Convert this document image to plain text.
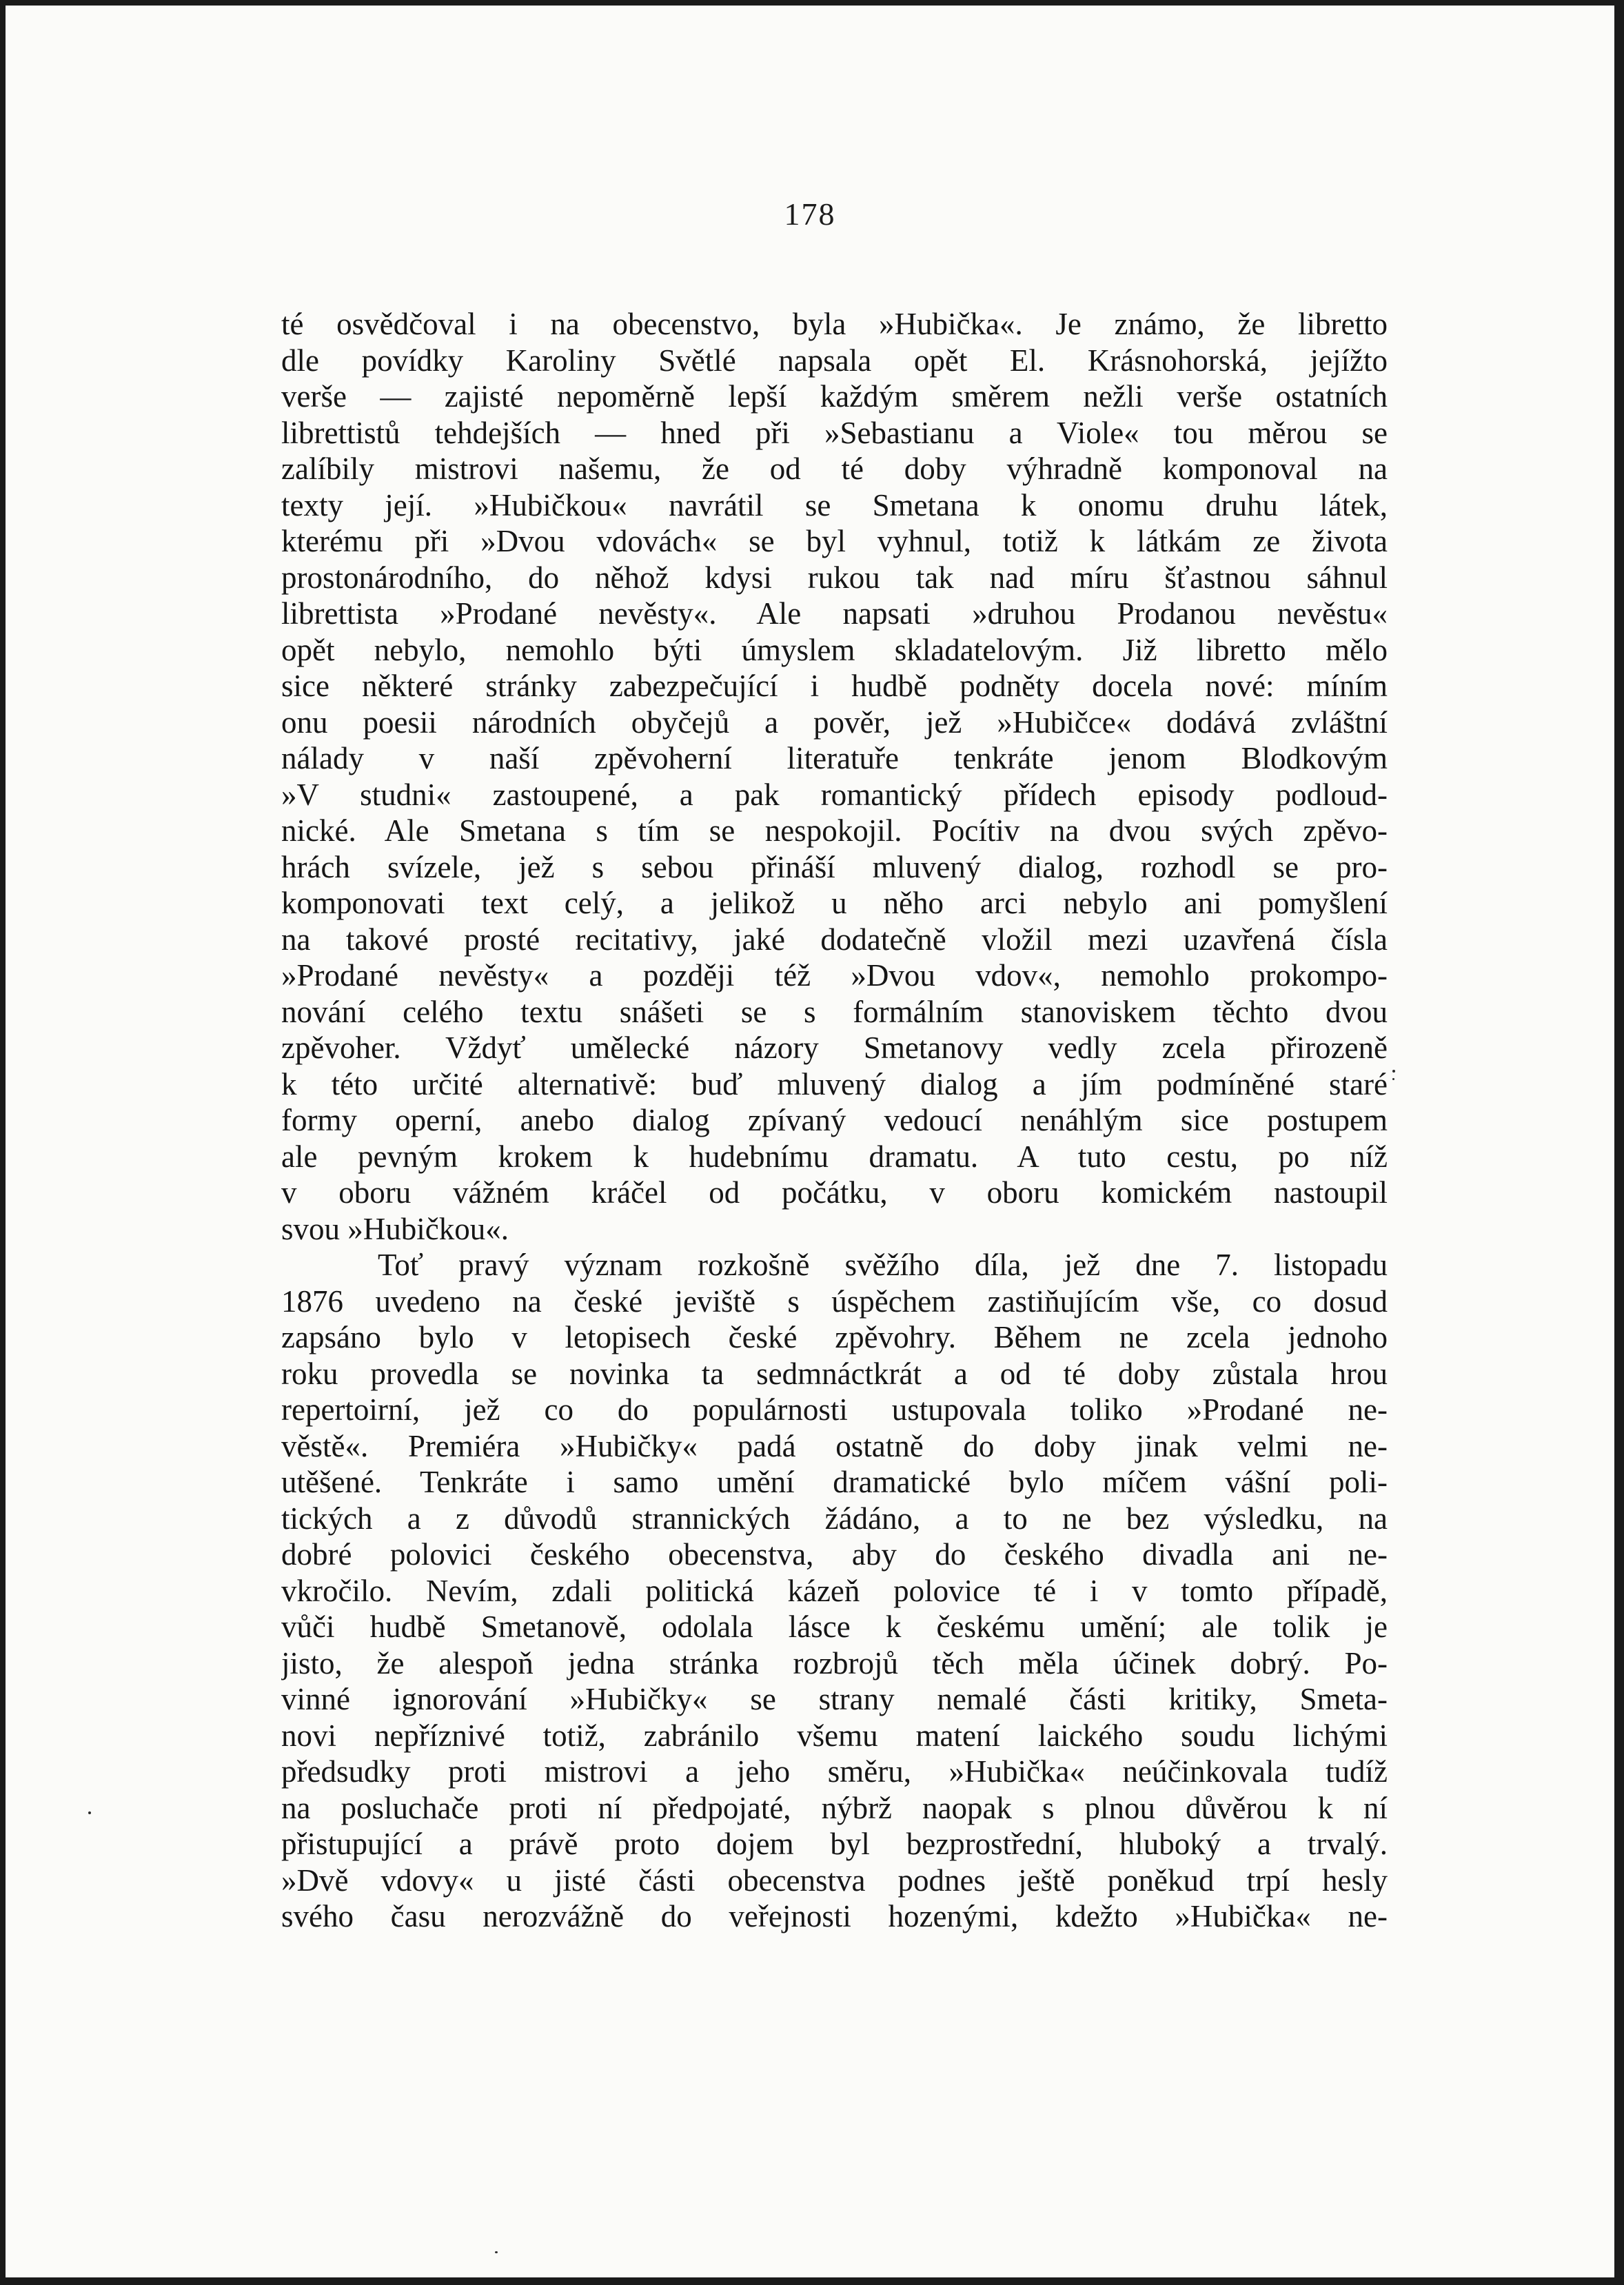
178
té osvědčoval i na obecenstvo, byla »Hubička«. Je známo, že libretto
dle povídky Karoliny Světlé napsala opět El. Krásnohorská, jejížto
verše — zajisté nepoměrně lepší každým směrem nežli verše ostatních
librettistů tehdejších — hned při »Sebastianu a Viole« tou měrou se
zalíbily mistrovi našemu, že od té doby výhradně komponoval na
texty její. »Hubičkou« navrátil se Smetana k onomu druhu látek,
kterému při »Dvou vdovách« se byl vyhnul, totiž k látkám ze života
prostonárodního, do něhož kdysi rukou tak nad míru šťastnou sáhnul
librettista »Prodané nevěsty«. Ale napsati »druhou Prodanou nevěstu«
opět nebylo, nemohlo býti úmyslem skladatelovým. Již libretto mělo
sice některé stránky zabezpečující i hudbě podněty docela nové: míním
onu poesii národních obyčejů a pověr, jež »Hubičce« dodává zvláštní
nálady v naší zpěvoherní literatuře tenkráte jenom Blodkovým
»V studni« zastoupené, a pak romantický přídech episody podloud-
nické. Ale Smetana s tím se nespokojil. Pocítiv na dvou svých zpěvo-
hrách svízele, jež s sebou přináší mluvený dialog, rozhodl se pro-
komponovati text celý, a jelikož u něho arci nebylo ani pomyšlení
na takové prosté recitativy, jaké dodatečně vložil mezi uzavřená čísla
»Prodané nevěsty« a později též »Dvou vdov«, nemohlo prokompo-
nování celého textu snášeti se s formálním stanoviskem těchto dvou
zpěvoher. Vždyť umělecké názory Smetanovy vedly zcela přirozeně
k této určité alternativě: buď mluvený dialog a jím podmíněné staré
formy operní, anebo dialog zpívaný vedoucí nenáhlým sice postupem
ale pevným krokem k hudebnímu dramatu. A tuto cestu, po níž
v oboru vážném kráčel od počátku, v oboru komickém nastoupil
svou »Hubičkou«.
Toť pravý význam rozkošně svěžího díla, jež dne 7. listopadu
1876 uvedeno na české jeviště s úspěchem zastiňujícím vše, co dosud
zapsáno bylo v letopisech české zpěvohry. Během ne zcela jednoho
roku provedla se novinka ta sedmnáctkrát a od té doby zůstala hrou
repertoirní, jež co do populárnosti ustupovala toliko »Prodané ne-
věstě«. Premiéra »Hubičky« padá ostatně do doby jinak velmi ne-
utěšené. Tenkráte i samo umění dramatické bylo míčem vášní poli-
tických a z důvodů strannických žádáno, a to ne bez výsledku, na
dobré polovici českého obecenstva, aby do českého divadla ani ne-
vkročilo. Nevím, zdali politická kázeň polovice té i v tomto případě,
vůči hudbě Smetanově, odolala lásce k českému umění; ale tolik je
jisto, že alespoň jedna stránka rozbrojů těch měla účinek dobrý. Po-
vinné ignorování »Hubičky« se strany nemalé části kritiky, Smeta-
novi nepříznivé totiž, zabránilo všemu matení laického soudu lichými
předsudky proti mistrovi a jeho směru, »Hubička« neúčinkovala tudíž
na posluchače proti ní předpojaté, nýbrž naopak s plnou důvěrou k ní
přistupující a právě proto dojem byl bezprostřední, hluboký a trvalý.
»Dvě vdovy« u jisté části obecenstva podnes ještě poněkud trpí hesly
svého času nerozvážně do veřejnosti hozenými, kdežto »Hubička« ne-
